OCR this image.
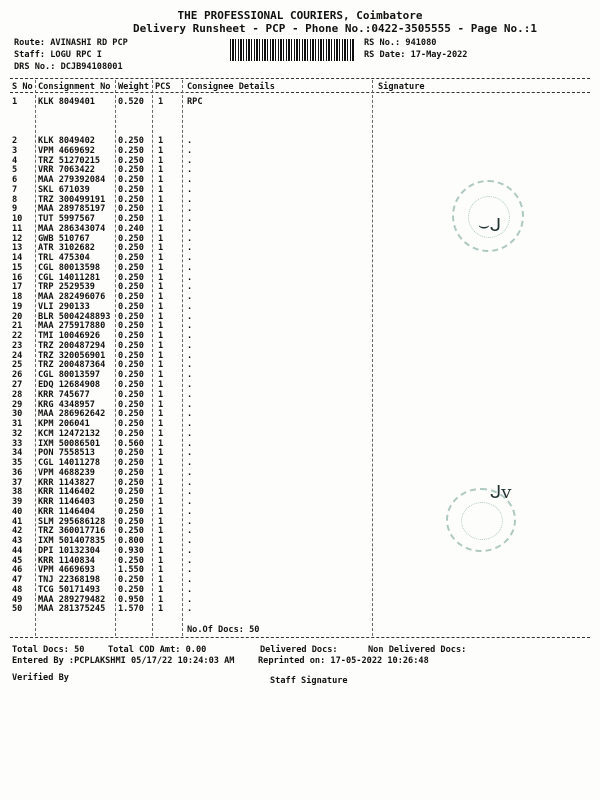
THE PROFESSIONAL COURIERS, Coimbatore
Delivery Runsheet - PCP - Phone No.:0422-3505555 - Page No.:1
Route: AVINASHI RD PCP
Staff: LOGU RPC I
DRS No.: DCJB94108001
RS No.: 941080
RS Date: 17-May-2022
S No Consignment No Weight PCS Consignee Details	Signature
1 KLK 8049401	0.520 1	RPC
2 KLK 8049402	0.250 1	.
3 VPM 4669692	0.250 1	.
4 TRZ 51270215 0.250 1	.
5 VRR 7063422	0.250 1	.
6 MAA 279392084 0.250 1	.
7 SKL 671039	0.250 1	.
8 TRZ 300499191 0.250 1	.
9 MAA 289785197 0.250 1	.
10 TUT 5997567	0.250 1	.
11 MAA 286343074 0.240 1	.
12 GWB 510767	0.250 1	.
13 ATR 3102682	0.250 1	.
14 TRL 475304	0.250 1	.
15 CGL 80013598 0.250 1	.
16 CGL 14011281 0.250 1	.
17 TRP 2529539	0.250 1	.
18 MAA 282496076 0.250 1	.
19 VLI 290133	0.250 1	.
20 BLR 5004248893 0.250 1	.
21 MAA 275917880 0.250 1	.
22 TMI 10046926 0.250 1	.
23 TRZ 200487294 0.250 1	.
24 TRZ 320056901 0.250 1	.
25 TRZ 200487364 0.250 1	.
26 CGL 80013597 0.250 1	.
27 EDQ 12684908 0.250 1	.
28 KRR 745677	0.250 1	.
29 KRG 4348957	0.250 1	.
30 MAA 286962642 0.250 1	.
31 KPM 206041	0.250 1	.
32 KCM 12472132 0.250 1	.
33 IXM 50086501 0.560 1	.
34 PON 7558513	0.250 1	.
35 CGL 14011278 0.250 1	.
36 VPM 4688239	0.250 1	.
37 KRR 1143827	0.250 1	.
38 KRR 1146402	0.250 1	.
39 KRR 1146403	0.250 1	.
40 KRR 1146404	0.250 1	.
41 SLM 295686128 0.250 1	.
42 TRZ 360017716 0.250 1	.
43 IXM 501407835 0.800 1	.
44 DPI 10132304 0.930 1	.
45 KRR 1140834	0.250 1	.
46 VPM 4669693	1.550 1	.
47 TNJ 22368198 0.250 1	.
48 TCG 50171493 0.250 1	.
49 MAA 289279482 0.950 1	.
50 MAA 281375245 1.570 1	.
No.Of Docs: 50
Total Docs: 50	Total COD Amt: 0.00	Delivered Docs:	Non Delivered Docs:
Entered By :PCPLAKSHMI 05/17/22 10:24:03 AM	Reprinted on: 17-05-2022 10:26:48
Verified By	Staff Signature
⌣ᒍ
ᒍv
